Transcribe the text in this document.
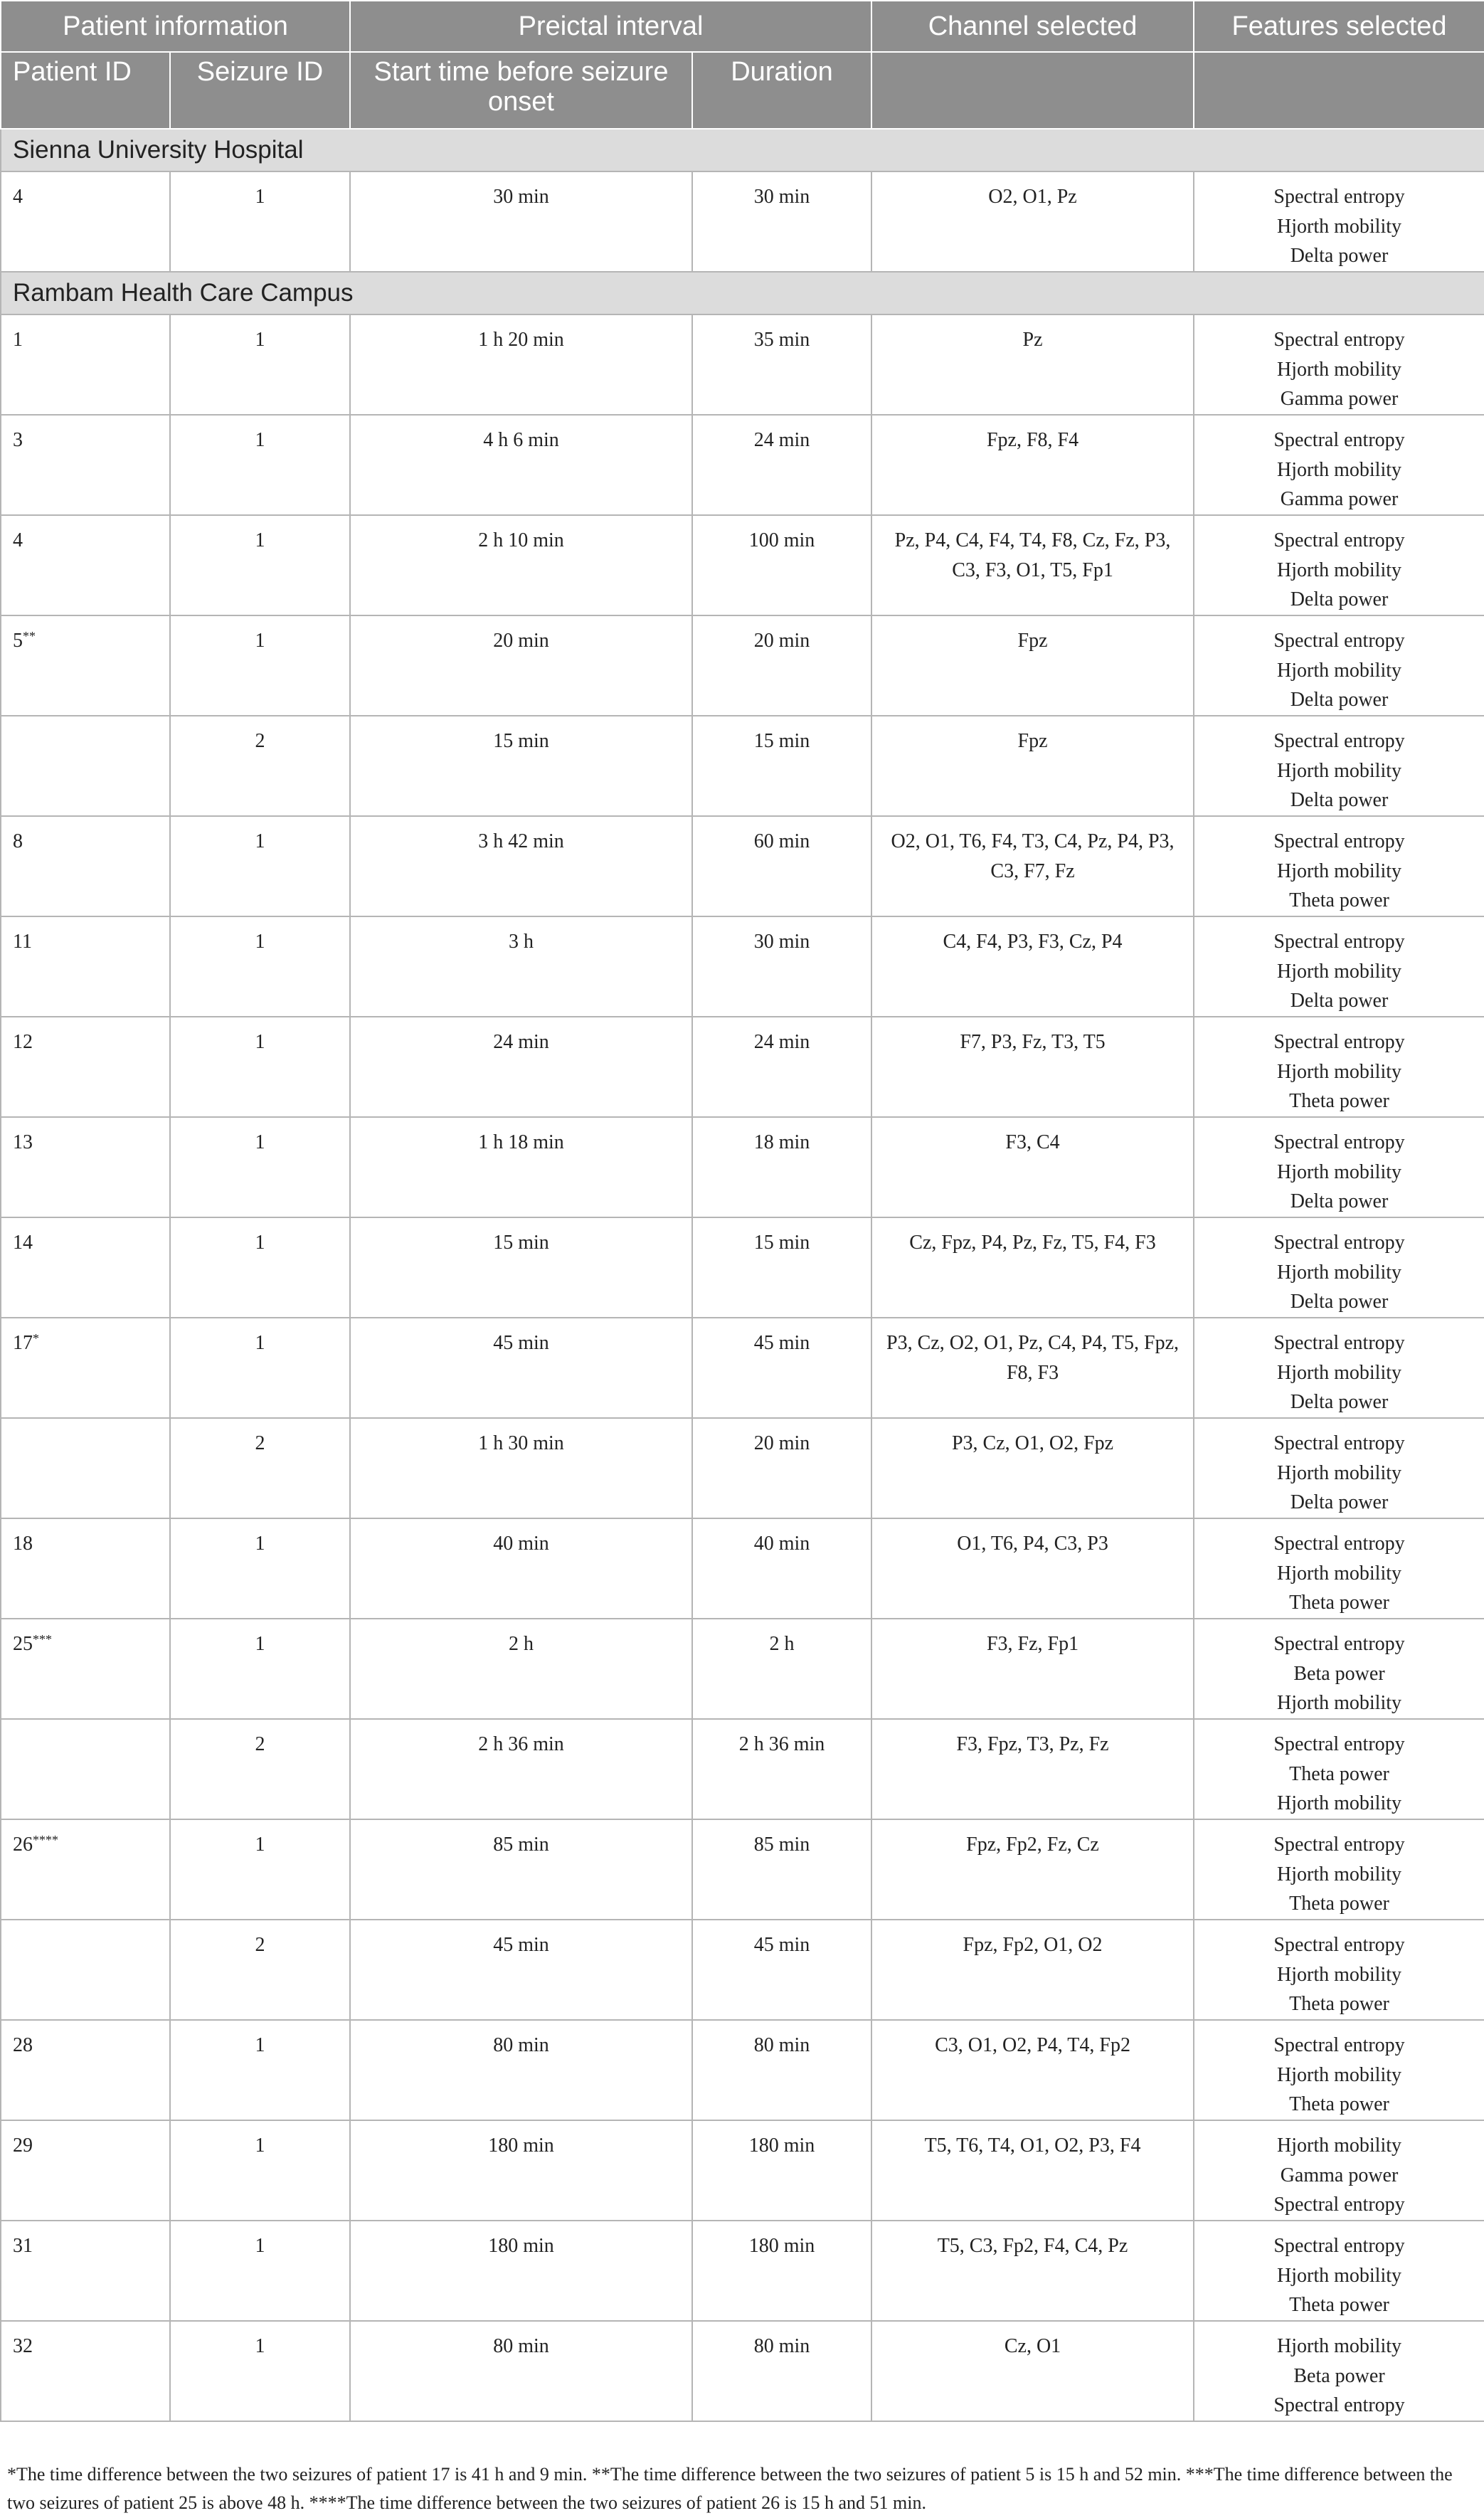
Patient information		Preictal interval		Channel selected	Features selected
Patient ID	Seizure ID	Start time before seizure onset	Duration		
Sienna University Hospital					
4	1	30 min	30 min	O2, O1, Pz	Spectral entropy
Hjorth mobility
Delta power

Rambam Health Care Campus					
1	1	1 h 20 min	35 min	Pz	Spectral entropy
Hjorth mobility
Gamma power

3	1	4 h 6 min	24 min	Fpz, F8, F4	Spectral entropy
Hjorth mobility
Gamma power

4	1	2 h 10 min	100 min	Pz, P4, C4, F4, T4, F8, Cz, Fz, P3, C3, F3, O1, T5, Fp1	Spectral entropy
Hjorth mobility
Delta power

5**	1	20 min	20 min	Fpz	Spectral entropy
Hjorth mobility
Delta power

	2	15 min	15 min	Fpz	Spectral entropy
Hjorth mobility
Delta power

8	1	3 h 42 min	60 min	O2, O1, T6, F4, T3, C4, Pz, P4, P3, C3, F7, Fz	Spectral entropy
Hjorth mobility
Theta power

11	1	3 h	30 min	C4, F4, P3, F3, Cz, P4	Spectral entropy
Hjorth mobility
Delta power

12	1	24 min	24 min	F7, P3, Fz, T3, T5	Spectral entropy
Hjorth mobility
Theta power

13	1	1 h 18 min	18 min	F3, C4	Spectral entropy
Hjorth mobility
Delta power

14	1	15 min	15 min	Cz, Fpz, P4, Pz, Fz, T5, F4, F3	Spectral entropy
Hjorth mobility
Delta power

17*	1	45 min	45 min	P3, Cz, O2, O1, Pz, C4, P4, T5, Fpz, F8, F3	Spectral entropy
Hjorth mobility
Delta power

	2	1 h 30 min	20 min	P3, Cz, O1, O2, Fpz	Spectral entropy
Hjorth mobility
Delta power

18	1	40 min	40 min	O1, T6, P4, C3, P3	Spectral entropy
Hjorth mobility
Theta power

25***	1	2 h	2 h	F3, Fz, Fp1	Spectral entropy
Beta power
Hjorth mobility

	2	2 h 36 min	2 h 36 min	F3, Fpz, T3, Pz, Fz	Spectral entropy
Theta power
Hjorth mobility

26****	1	85 min	85 min	Fpz, Fp2, Fz, Cz	Spectral entropy
Hjorth mobility
Theta power

	2	45 min	45 min	Fpz, Fp2, O1, O2	Spectral entropy
Hjorth mobility
Theta power

28	1	80 min	80 min	C3, O1, O2, P4, T4, Fp2	Spectral entropy
Hjorth mobility
Theta power

29	1	180 min	180 min	T5, T6, T4, O1, O2, P3, F4	Hjorth mobility
Gamma power
Spectral entropy

31	1	180 min	180 min	T5, C3, Fp2, F4, C4, Pz	Spectral entropy
Hjorth mobility
Theta power

32	1	80 min	80 min	Cz, O1	Hjorth mobility
Beta power
Spectral entropy
*The time difference between the two seizures of patient 17 is 41 h and 9 min. **The time difference between the two seizures of patient 5 is 15 h and 52 min. ***The time difference between the two seizures of patient 25 is above 48 h. ****The time difference between the two seizures of patient 26 is 15 h and 51 min.
